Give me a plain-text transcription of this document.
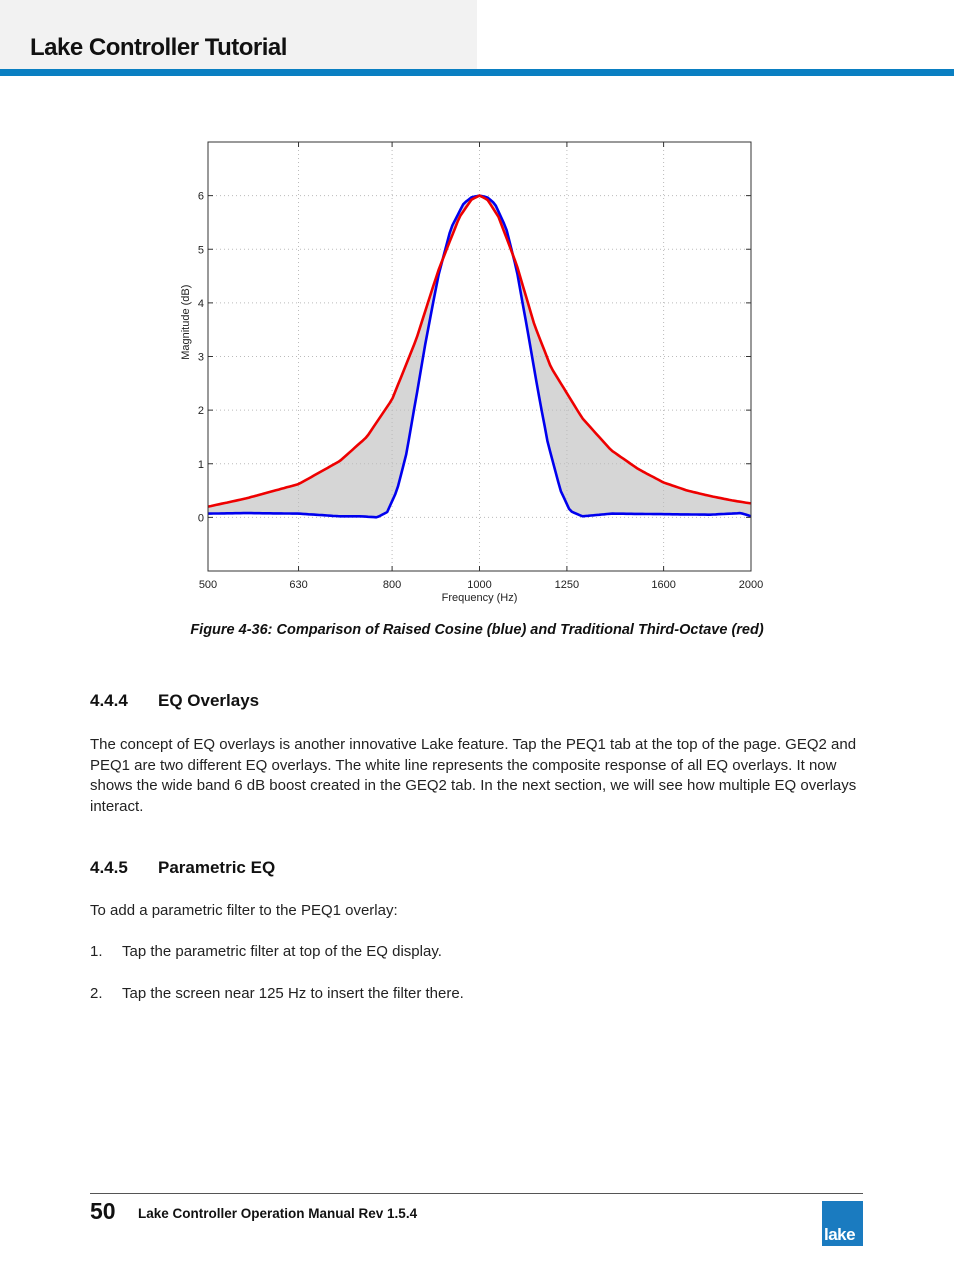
Lake Controller Tutorial
500	630	800	1000	1250	1600	2000
0
1
2
3
4
5
6
Frequency (Hz)
Magnitude (dB)
Figure 4-36: Comparison of Raised Cosine (blue) and Traditional Third-Octave (red)
4.4.4 EQ Overlays
The concept of EQ overlays is another innovative Lake feature. Tap the PEQ1 tab at the top of the page. GEQ2 and PEQ1 are two different EQ overlays. The white line represents the composite response of all EQ overlays. It now shows the wide band 6 dB boost created in the GEQ2 tab. In the next section, we will see how multiple EQ overlays interact.
4.4.5 Parametric EQ
To add a parametric filter to the PEQ1 overlay:
1. Tap the parametric filter at top of the EQ display.
2. Tap the screen near 125 Hz to insert the filter there.
50 Lake Controller Operation Manual Rev 1.5.4
lake
